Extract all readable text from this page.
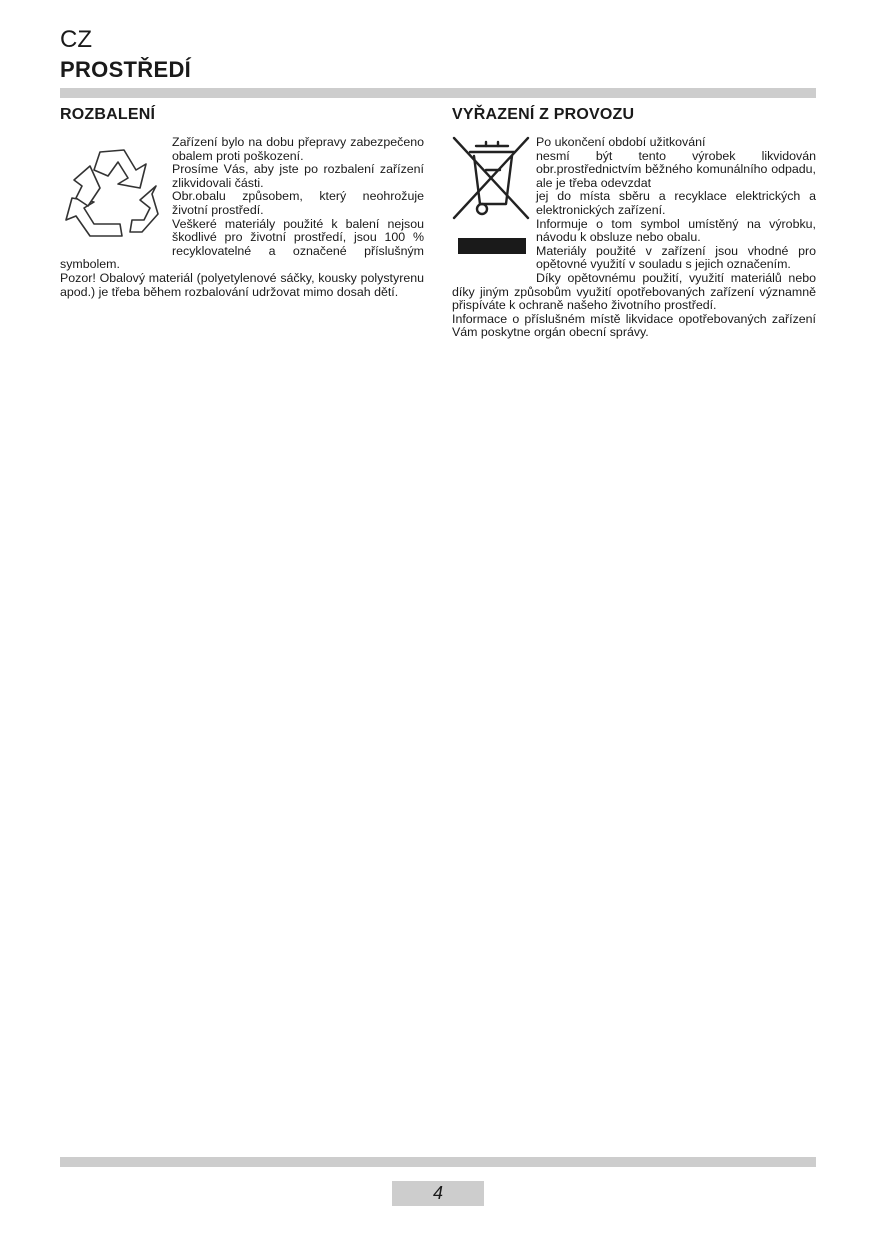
CZ
PROSTŘEDÍ
ROZBALENÍ

Zařízení bylo na dobu přepravy zabezpečeno obalem proti poškození.

Prosíme Vás, aby jste po rozbalení zařízení zlikvidovali části.

Obr.obalu způsobem, který neohrožuje životní prostředí.

Veškeré materiály použité k balení nejsou škodlivé pro životní prostředí, jsou 100 % recyklovatelné a označené příslušným symbolem.

Pozor! Obalový materiál (polyetylenové sáčky, kousky polystyrenu apod.) je třeba během rozbalování udržovat mimo dosah dětí.

VYŘAZENÍ Z PROVOZU

Po ukončení období užitkování

nesmí být tento výrobek likvidován obr.prostřednictvím běžného komunálního odpadu, ale je třeba odevzdat

jej do místa sběru a recyklace elektrických a elektronických zařízení.

Informuje o tom symbol umístěný na výrobku, návodu k obsluze nebo obalu.

Materiály použité v zařízení jsou vhodné pro opětovné využití v souladu s jejich označením.

Díky opětovnému použití, využití materiálů nebo díky jiným způsobům využití opotřebovaných zařízení významně přispíváte k ochraně našeho životního prostředí.

Informace o příslušném místě likvidace opotřebovaných zařízení Vám poskytne orgán obecní správy.

4
